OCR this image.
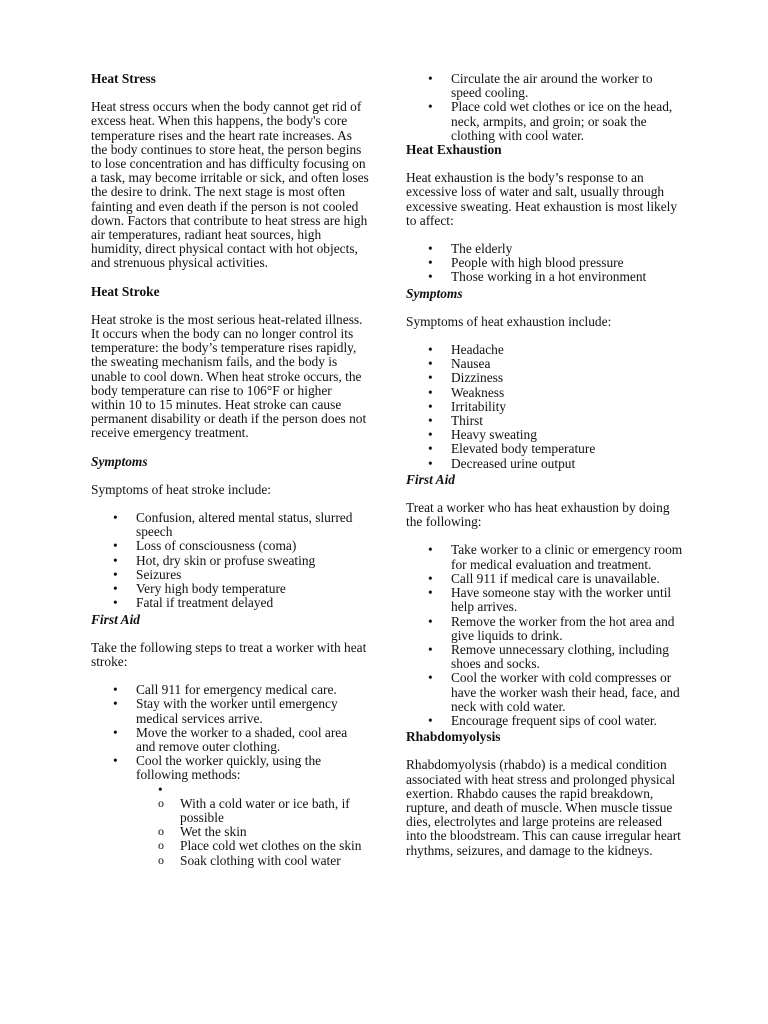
Heat Stress

Heat stress occurs when the body cannot get rid of excess heat. When this happens, the body's core temperature rises and the heart rate increases. As the body continues to store heat, the person begins to lose concentration and has difficulty focusing on a task, may become irritable or sick, and often loses the desire to drink. The next stage is most often fainting and even death if the person is not cooled down. Factors that contribute to heat stress are high air temperatures, radiant heat sources, high humidity, direct physical contact with hot objects, and strenuous physical activities.

Heat Stroke

Heat stroke is the most serious heat-related illness. It occurs when the body can no longer control its temperature: the body’s temperature rises rapidly, the sweating mechanism fails, and the body is unable to cool down. When heat stroke occurs, the body temperature can rise to 106°F or higher within 10 to 15 minutes. Heat stroke can cause permanent disability or death if the person does not receive emergency treatment.

Symptoms

Symptoms of heat stroke include:

• Confusion, altered mental status, slurred speech
• Loss of consciousness (coma)
• Hot, dry skin or profuse sweating
• Seizures
• Very high body temperature
• Fatal if treatment delayed
First Aid

Take the following steps to treat a worker with heat stroke:

• Call 911 for emergency medical care.
• Stay with the worker until emergency medical services arrive.
• Move the worker to a shaded, cool area and remove outer clothing.
• Cool the worker quickly, using the following methods:
•
o With a cold water or ice bath, if possible
o Wet the skin
o Place cold wet clothes on the skin
o Soak clothing with cool water
• Circulate the air around the worker to speed cooling.
• Place cold wet clothes or ice on the head, neck, armpits, and groin; or soak the clothing with cool water.
Heat Exhaustion

Heat exhaustion is the body’s response to an excessive loss of water and salt, usually through excessive sweating. Heat exhaustion is most likely to affect:

• The elderly
• People with high blood pressure
• Those working in a hot environment
Symptoms

Symptoms of heat exhaustion include:

• Headache
• Nausea
• Dizziness
• Weakness
• Irritability
• Thirst
• Heavy sweating
• Elevated body temperature
• Decreased urine output
First Aid

Treat a worker who has heat exhaustion by doing the following:

• Take worker to a clinic or emergency room for medical evaluation and treatment.
• Call 911 if medical care is unavailable.
• Have someone stay with the worker until help arrives.
• Remove the worker from the hot area and give liquids to drink.
• Remove unnecessary clothing, including shoes and socks.
• Cool the worker with cold compresses or have the worker wash their head, face, and neck with cold water.
• Encourage frequent sips of cool water.
Rhabdomyolysis

Rhabdomyolysis (rhabdo) is a medical condition associated with heat stress and prolonged physical exertion. Rhabdo causes the rapid breakdown, rupture, and death of muscle. When muscle tissue dies, electrolytes and large proteins are released into the bloodstream. This can cause irregular heart rhythms, seizures, and damage to the kidneys.
